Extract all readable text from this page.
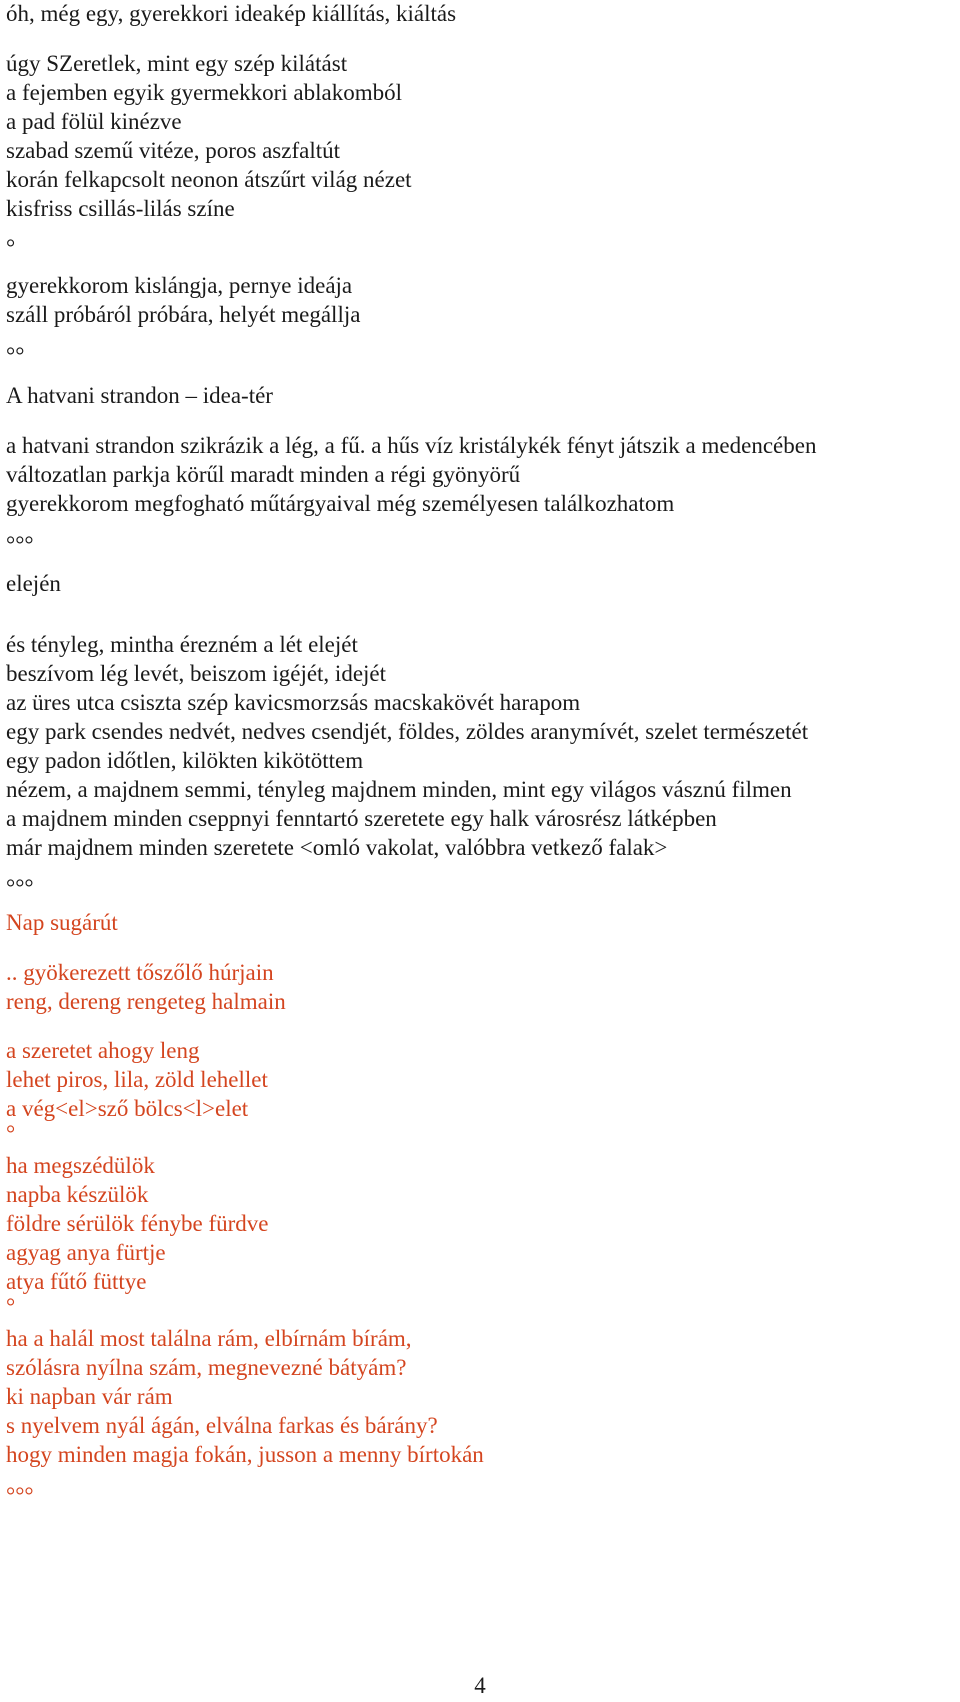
óh, még egy, gyerekkori ideakép kiállítás, kiáltás
úgy SZeretlek, mint egy szép kilátást
a fejemben egyik gyermekkori ablakomból
a pad fölül kinézve
szabad szemű vitéze, poros aszfaltút
korán felkapcsolt neonon átszűrt világ nézet
kisfriss csillás-lilás színe
°
gyerekkorom kislángja, pernye ideája
száll próbáról próbára, helyét megállja
°°
A hatvani strandon – idea-tér
a hatvani strandon szikrázik a lég, a fű. a hűs víz kristálykék fényt játszik a medencében
változatlan parkja körűl maradt minden a régi gyönyörű
gyerekkorom megfogható műtárgyaival még személyesen találkozhatom
°°°
elején
és tényleg, mintha érezném a lét elejét
beszívom lég levét, beiszom igéjét, idejét
az üres utca csiszta szép kavicsmorzsás macskakövét harapom
egy park csendes nedvét, nedves csendjét, földes, zöldes aranymívét, szelet természetét
egy padon időtlen, kilökten kikötöttem
nézem, a majdnem semmi, tényleg majdnem minden, mint egy világos vásznú filmen
a majdnem minden cseppnyi fenntartó szeretete egy halk városrész látképben
már majdnem minden szeretete <omló vakolat, valóbbra vetkező falak>
°°°
Nap sugárút
.. gyökerezett tőszőlő húrjain
reng, dereng rengeteg halmain
a szeretet ahogy leng
lehet piros, lila, zöld lehellet
a vég<el>sző bölcs<l>elet
°
ha megszédülök
napba készülök
földre sérülök fénybe fürdve
agyag anya fürtje
atya fűtő füttye
°
ha a halál most találna rám, elbírnám bírám,
szólásra nyílna szám, megnevezné bátyám?
ki napban vár rám
s nyelvem nyál ágán, elválna farkas és bárány?
hogy minden magja fokán, jusson a menny bírtokán
°°°
4
